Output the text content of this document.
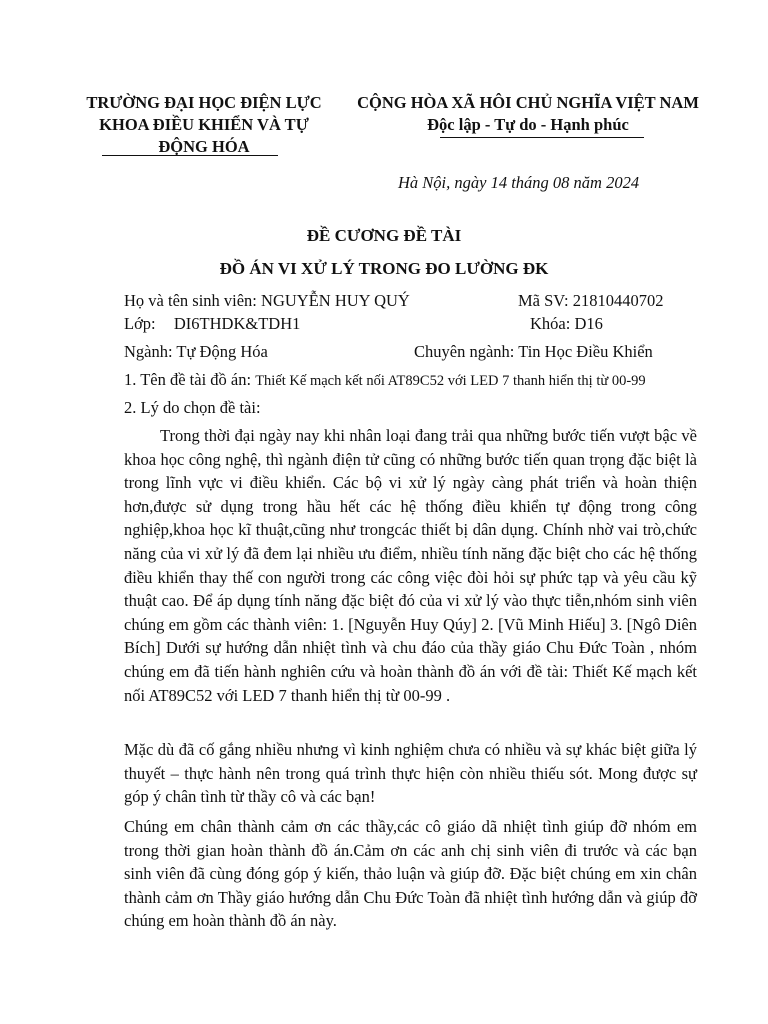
TRƯỜNG ĐẠI HỌC ĐIỆN LỰC
KHOA ĐIỀU KHIỂN VÀ TỰ
ĐỘNG HÓA
CỘNG HÒA XÃ HÔI CHỦ NGHĨA VIỆT NAM
Độc lập - Tự do - Hạnh phúc
Hà Nội, ngày 14 tháng 08 năm 2024
ĐỀ CƯƠNG ĐỀ TÀI
ĐỒ ÁN VI XỬ LÝ TRONG ĐO LƯỜNG ĐK
Họ và tên sinh viên: NGUYỄN HUY QUÝ	Mã SV: 21810440702
Lớp: DI6THDK&TDH1	Khóa: D16
Ngành: Tự Động Hóa	Chuyên ngành: Tin Học Điều Khiển
1. Tên đề tài đồ án: Thiết Kế mạch kết nối AT89C52 với LED 7 thanh hiển thị từ 00-99
2. Lý do chọn đề tài:
Trong thời đại ngày nay khi nhân loại đang trải qua những bước tiến vượt bậc về khoa học công nghệ, thì ngành điện tử cũng có những bước tiến quan trọng đặc biệt là trong lĩnh vực vi điều khiển. Các bộ vi xử lý ngày càng phát triển và hoàn thiện hơn,được sử dụng trong hầu hết các hệ thống điều khiển tự động trong công nghiệp,khoa học kĩ thuật,cũng như trongcác thiết bị dân dụng. Chính nhờ vai trò,chức năng của vi xử lý đã đem lại nhiều ưu điểm, nhiều tính năng đặc biệt cho các hệ thống điều khiển thay thế con người trong các công việc đòi hỏi sự phức tạp và yêu cầu kỹ thuật cao. Để áp dụng tính năng đặc biệt đó của vi xử lý vào thực tiễn,nhóm sinh viên chúng em gồm các thành viên: 1. [Nguyễn Huy Qúy] 2. [Vũ Minh Hiếu] 3. [Ngô Diên Bích] Dưới sự hướng dẫn nhiệt tình và chu đáo của thầy giáo Chu Đức Toàn , nhóm chúng em đã tiến hành nghiên cứu và hoàn thành đồ án với đề tài: Thiết Kế mạch kết nối AT89C52 với LED 7 thanh hiển thị từ 00-99 .
Mặc dù đã cố gắng nhiều nhưng vì kinh nghiệm chưa có nhiều và sự khác biệt giữa lý thuyết – thực hành nên trong quá trình thực hiện còn nhiều thiếu sót. Mong được sự góp ý chân tình từ thầy cô và các bạn!
Chúng em chân thành cảm ơn các thầy,các cô giáo dã nhiệt tình giúp đỡ nhóm em trong thời gian hoàn thành đồ án.Cảm ơn các anh chị sinh viên đi trước và các bạn sinh viên đã cùng đóng góp ý kiến, thảo luận và giúp đỡ. Đặc biệt chúng em xin chân thành cảm ơn Thầy giáo hướng dẫn Chu Đức Toàn đã nhiệt tình hướng dẫn và giúp đỡ chúng em hoàn thành đồ án này.
